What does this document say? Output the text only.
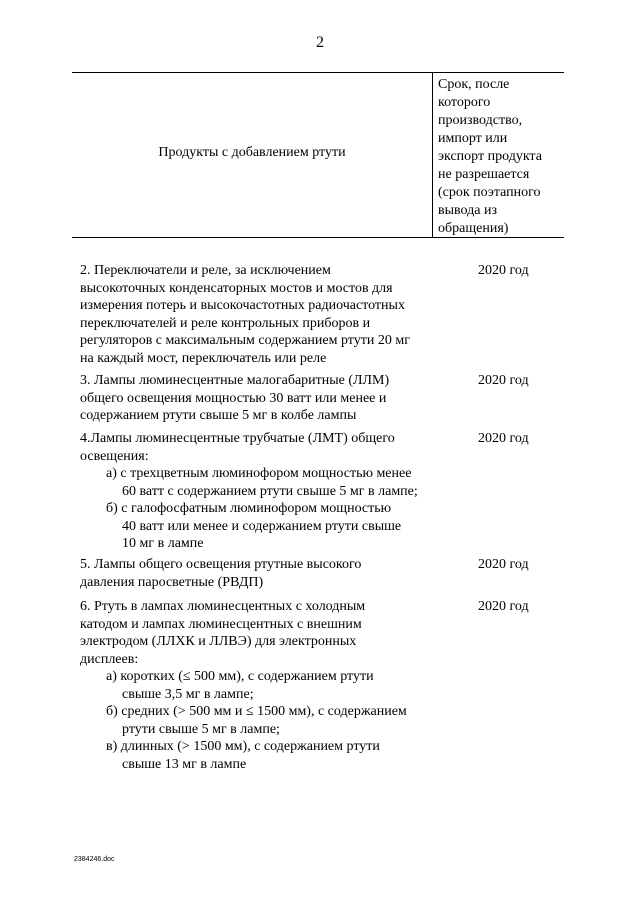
2
Продукты с добавлением ртути
Срок, после
которого
производство,
импорт или
экспорт продукта
не разрешается
(срок поэтапного
вывода из
обращения)
2. Переключатели и реле, за исключением
высокоточных конденсаторных мостов и мостов для
измерения потерь и высокочастотных радиочастотных
переключателей и реле контрольных приборов и
регуляторов с максимальным содержанием ртути 20 мг
на каждый мост, переключатель или реле
2020 год
3. Лампы люминесцентные малогабаритные (ЛЛМ)
общего освещения мощностью 30 ватт или менее и
содержанием ртути свыше 5 мг в колбе лампы
2020 год
4.Лампы люминесцентные трубчатые (ЛМТ) общего
освещения:
а) с трехцветным люминофором мощностью менее
60 ватт с содержанием ртути свыше 5 мг в лампе;
б) с галофосфатным люминофором мощностью
40 ватт или менее и содержанием ртути свыше
10 мг в лампе
2020 год
5. Лампы общего освещения ртутные высокого
давления паросветные (РВДП)
2020 год
6. Ртуть в лампах люминесцентных с холодным
катодом и лампах люминесцентных с внешним
электродом (ЛЛХК и ЛЛВЭ) для электронных
дисплеев:
а) коротких (≤ 500 мм), с содержанием ртути
свыше 3,5 мг в лампе;
б) средних (> 500 мм и ≤ 1500 мм), с содержанием
ртути свыше 5 мг в лампе;
в) длинных (> 1500 мм), с содержанием ртути
свыше 13 мг в лампе
2020 год
2384246.doc
